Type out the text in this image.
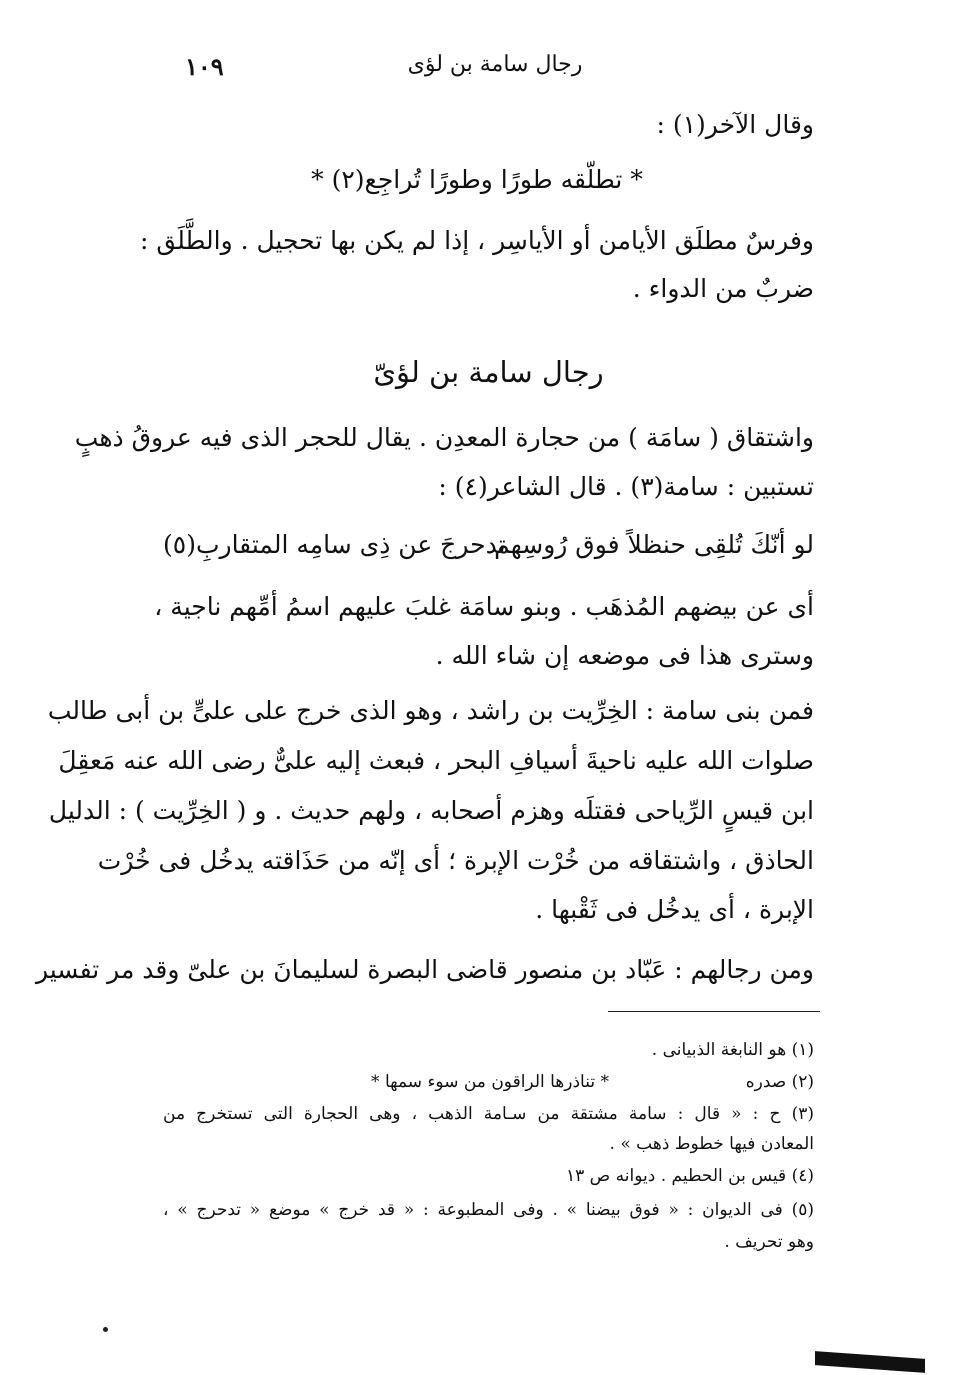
١٠٩	رجال سامة بن لؤى
وقال الآخر(١) :
* تطلّقه طورًا وطورًا تُراجِع(٢) *
وفرسٌ مطلَق الأيامن أو الأياسِر ، إذا لم يكن بها تحجيل . والطَّلَق :
ضربٌ من الدواء .
رجال سامة بن لؤىّ
واشتقاق ( سامَة ) من حجارة المعدِن . يقال للحجر الذى فيه عروقُ ذهبٍ
تستبين : سامة(٣) . قال الشاعر(٤) :
لو أنّكَ تُلقِى حنظلاً فوق رُوسِهم
تدحرجَ عن ذِى سامِه المتقاربِ(٥)
أى عن بيضهم المُذهَب . وبنو سامَة غلبَ عليهم اسمُ أمِّهم ناجية ،
وسترى هذا فى موضعه إن شاء الله .
فمن بنى سامة : الخِرِّيت بن راشد ، وهو الذى خرج على علىٍّ بن أبى طالب
صلوات الله عليه ناحيةَ أسيافِ البحر ، فبعث إليه علىٌّ رضى الله عنه مَعقِلَ
ابن قيسٍ الرِّياحى فقتلَه وهزم أصحابه ، ولهم حديث . و ( الخِرِّيت ) : الدليل
الحاذق ، واشتقاقه من خُرْت الإبرة ؛ أى إنّه من حَذَاقته يدخُل فى خُرْت
الإبرة ، أى يدخُل فى ثَقْبها .
ومن رجالهم : عَبّاد بن منصور قاضى البصرة لسليمانَ بن علىّ وقد مر تفسير
(١) هو النابغة الذبيانى .
(٢) صدره
* تناذرها الراقون من سوء سمها *
(٣) ح : « قال : سامة مشتقة من سـامة الذهب ، وهى الحجارة التى تستخرج من
المعادن فيها خطوط ذهب » .
(٤) قيس بن الحطيم . ديوانه ص ١٣
(٥) فى الديوان : « فوق بيضنا » . وفى المطبوعة : « قد خرج » موضع « تدحرج » ،
وهو تحريف .
